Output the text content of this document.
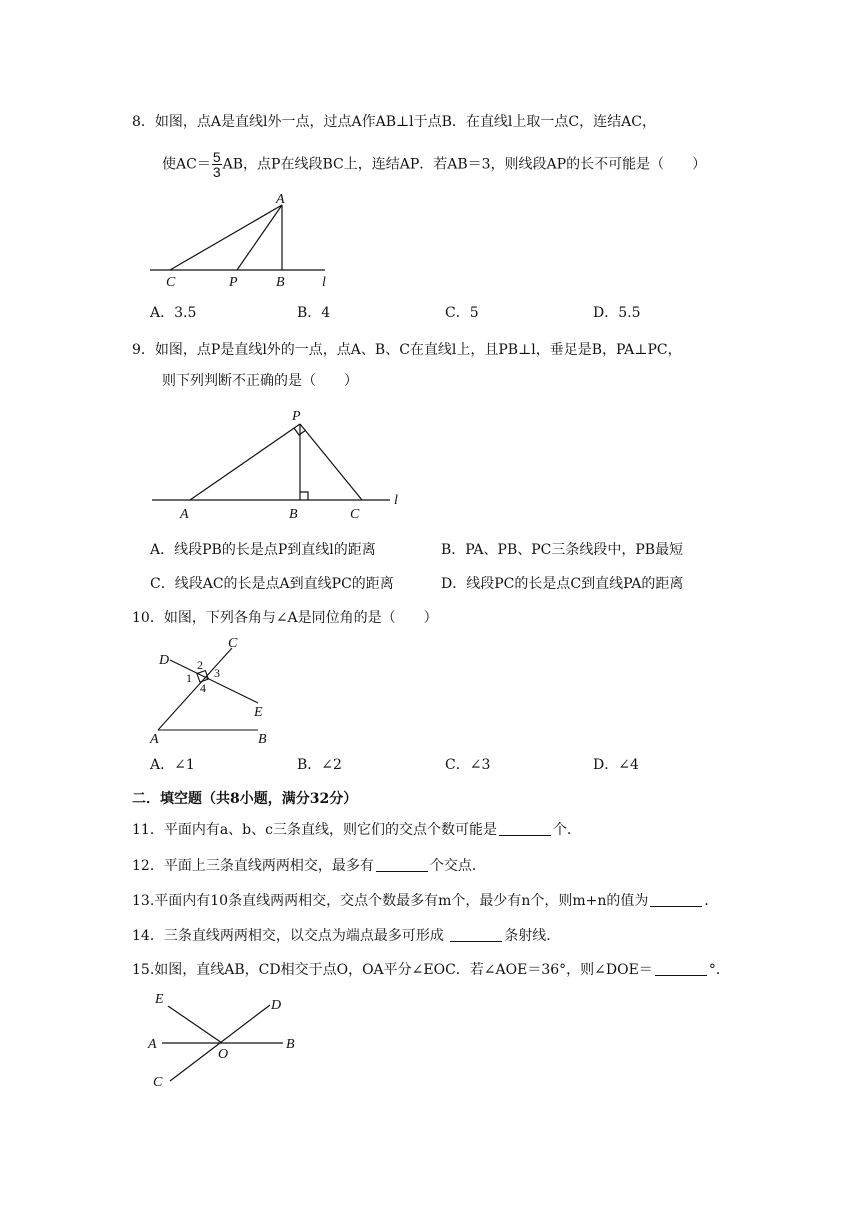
8．如图，点A是直线l外一点，过点A作AB⊥l于点B．在直线l上取一点C，连结AC，
使$AC= \frac{5}{3}$ AB，点P在线段BC上，连结AP．若AB＝3，则线段AP的长不可能是（　　）
A
C	P	B	l
A．3.5	B．4	C．5	D．5.5
9．如图，点P是直线l外的一点，点A、B、C在直线l上，且PB⊥l，垂足是B，PA⊥PC，
则下列判断不正确的是（　　）
P
A	B	C
l
A．线段PB的长是点P到直线l的距离	B．PA、PB、PC三条线段中，PB最短
C．线段AC的长是点A到直线PC的距离	D．线段PC的长是点C到直线PA的距离
10．如图，下列各角与∠A是同位角的是（　　）
C
D
E
A	B
1
2
3
4
A．∠1	B．∠2	C．∠3	D．∠4
二．填空题（共8小题，满分32分）
11．平面内有a、b、c三条直线，则它们的交点个数可能是	个．
12．平面上三条直线两两相交，最多有	个交点．
13.平面内有10条直线两两相交，交点个数最多有m个，最少有n个，则m+n的值为	．
14．三条直线两两相交，以交点为端点最多可形成	条射线．
15.如图，直线AB，CD相交于点O，OA平分∠EOC．若∠AOE＝36°，则∠DOE＝	°．
E	D
A
O
B
C
